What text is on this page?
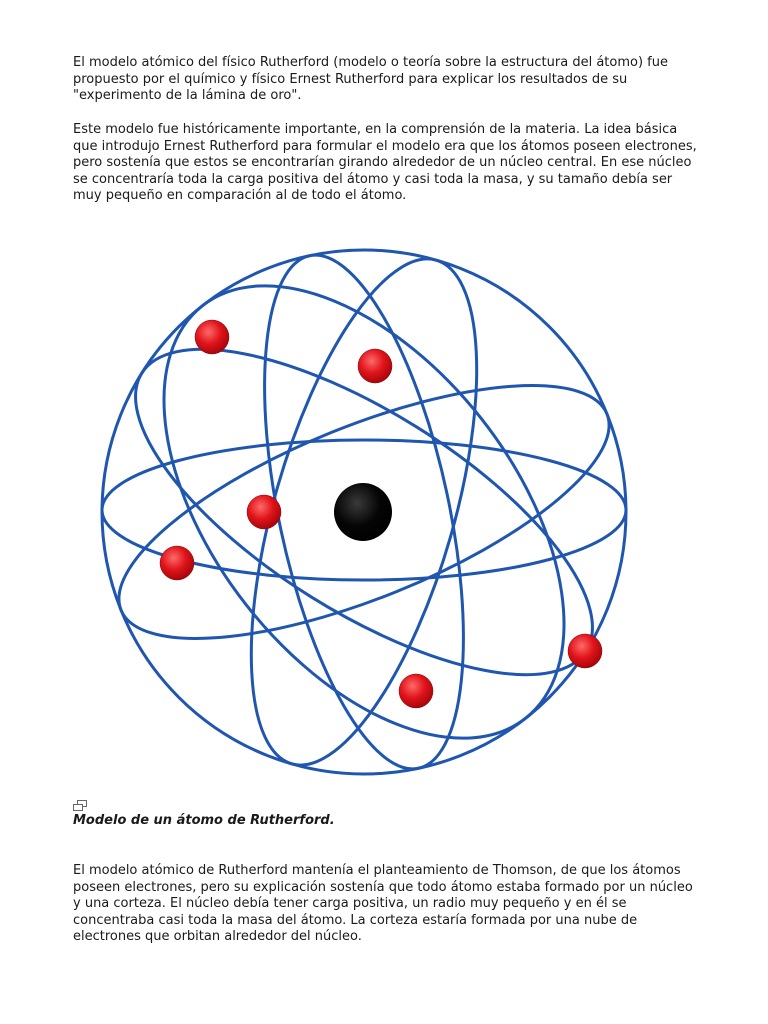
El modelo atómico del físico Rutherford (modelo o teoría sobre la estructura del átomo) fue propuesto por el químico y físico Ernest Rutherford para explicar los resultados de su "experimento de la lámina de oro".

Este modelo fue históricamente importante, en la comprensión de la materia. La idea básica que introdujo Ernest Rutherford para formular el modelo era que los átomos poseen electrones, pero sostenía que estos se encontrarían girando alrededor de un núcleo central. En ese núcleo se concentraría toda la carga positiva del átomo y casi toda la masa, y su tamaño debía ser muy pequeño en comparación al de todo el átomo.

Modelo de un átomo de Rutherford.

El modelo atómico de Rutherford mantenía el planteamiento de Thomson, de que los átomos poseen electrones, pero su explicación sostenía que todo átomo estaba formado por un núcleo y una corteza. El núcleo debía tener carga positiva, un radio muy pequeño y en él se concentraba casi toda la masa del átomo. La corteza estaría formada por una nube de electrones que orbitan alrededor del núcleo.
